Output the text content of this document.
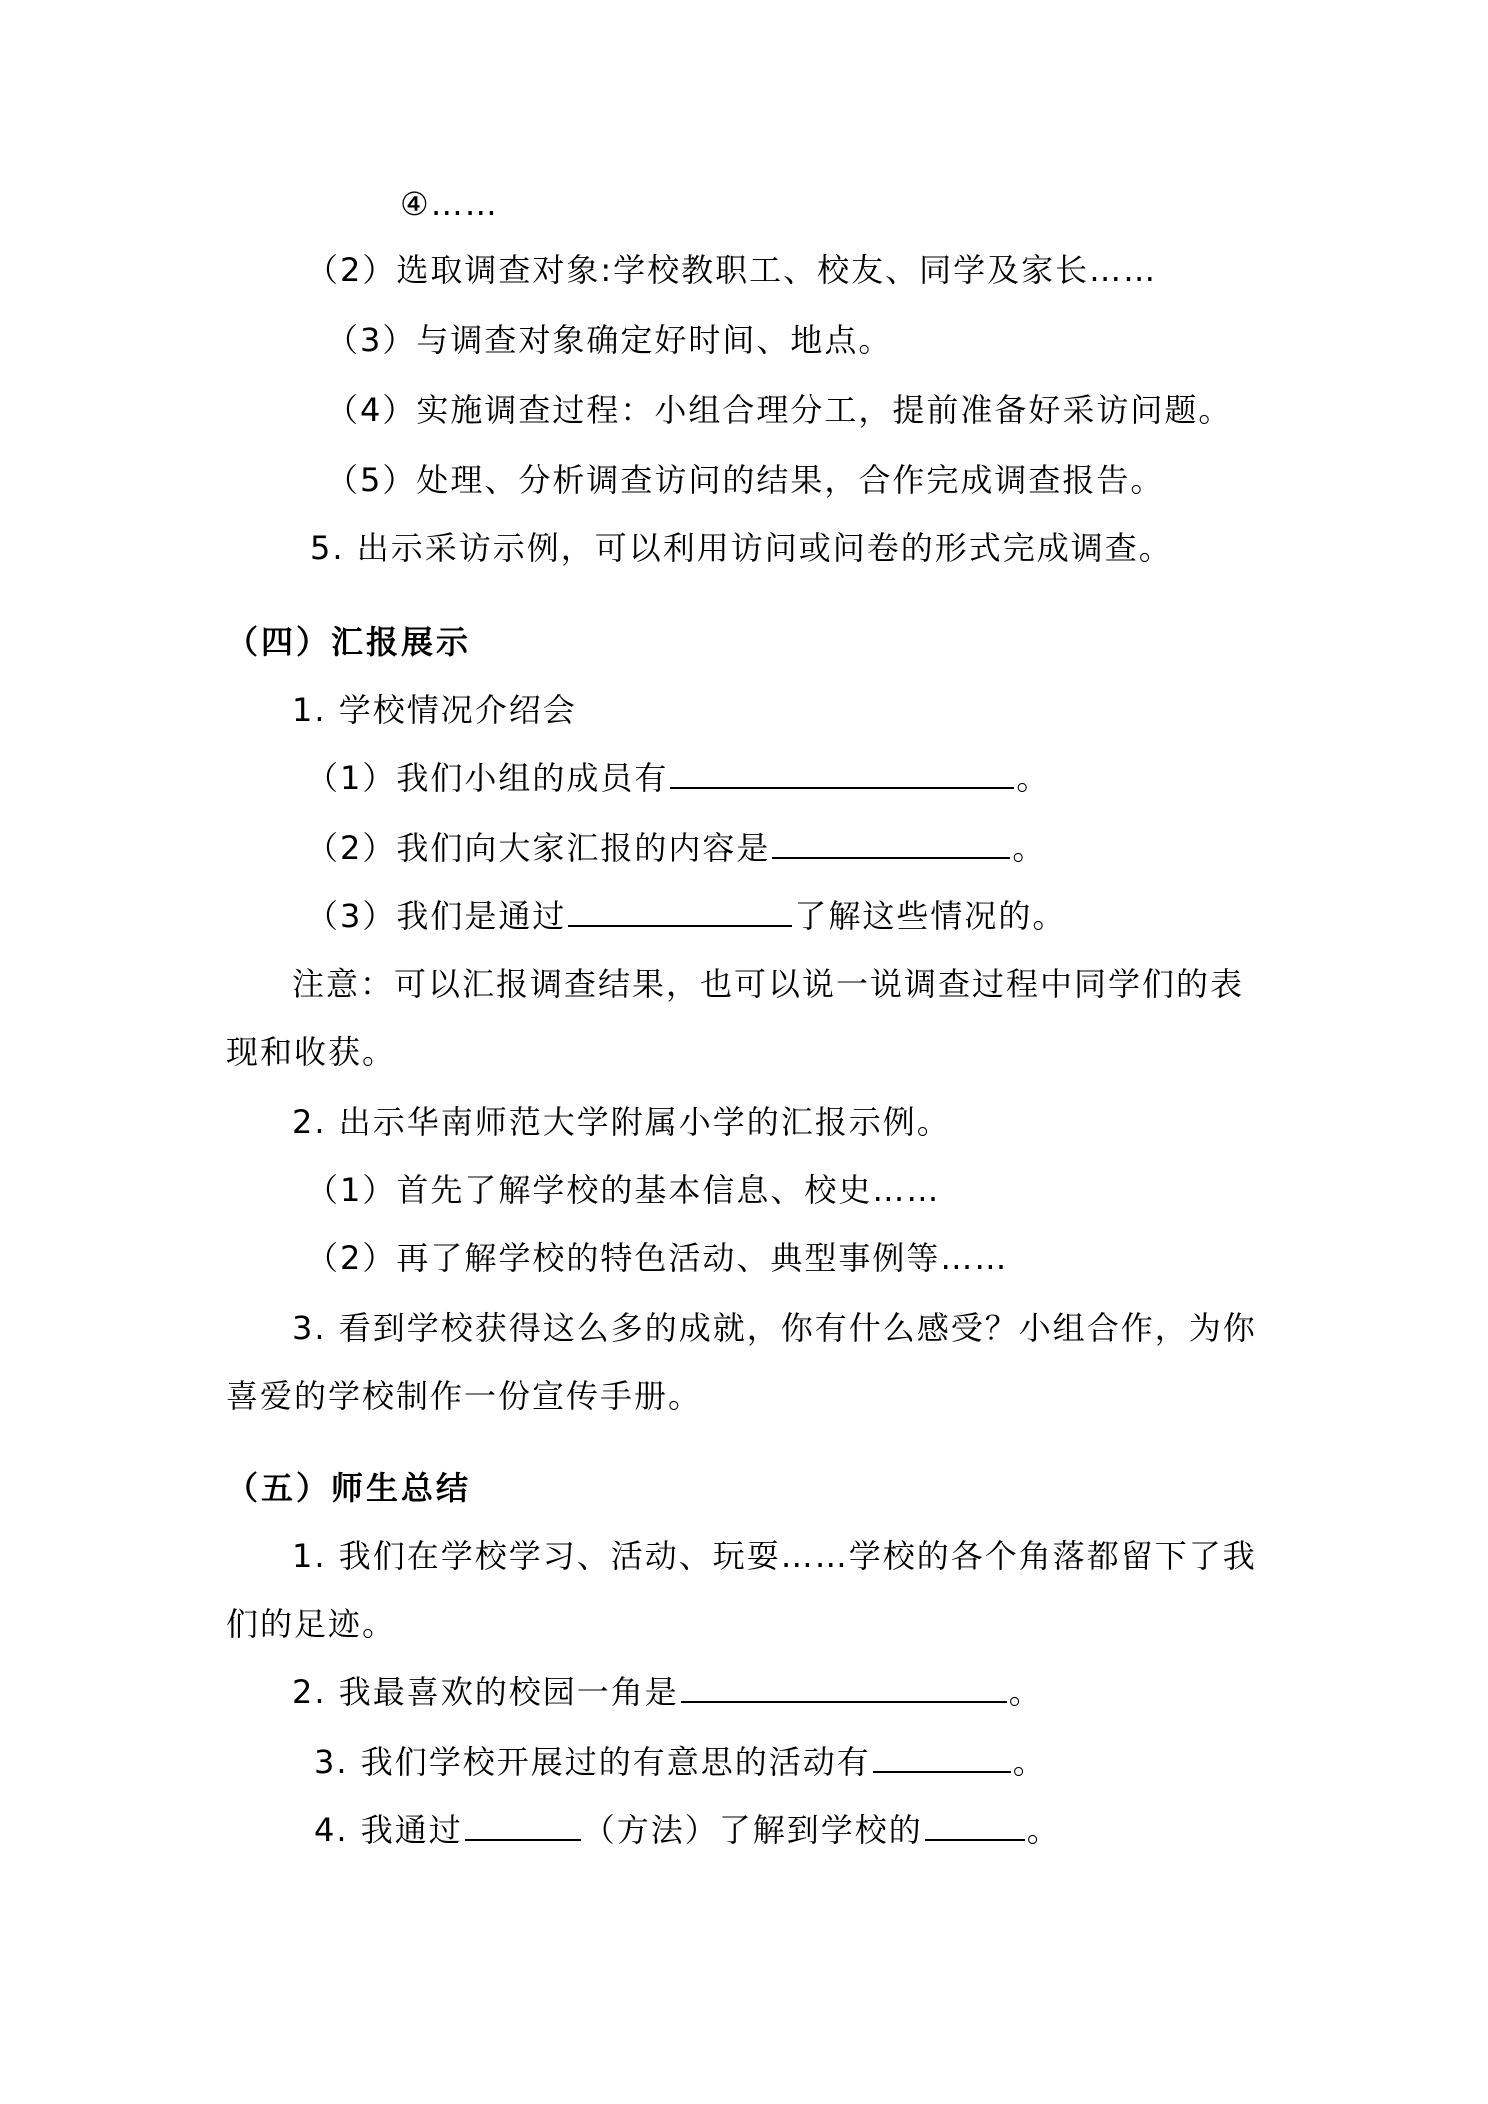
④……
（2）选取调查对象:学校教职工、校友、同学及家长……
（3）与调查对象确定好时间、地点。
（4）实施调查过程：小组合理分工，提前准备好采访问题。
（5）处理、分析调查访问的结果，合作完成调查报告。
5. 出示采访示例，可以利用访问或问卷的形式完成调查。
（四）汇报展示
1. 学校情况介绍会
（1）我们小组的成员有	。
（2）我们向大家汇报的内容是	。
（3）我们是通过	了解这些情况的。
注意：可以汇报调查结果，也可以说一说调查过程中同学们的表
现和收获。
2. 出示华南师范大学附属小学的汇报示例。
（1）首先了解学校的基本信息、校史……
（2）再了解学校的特色活动、典型事例等……
3. 看到学校获得这么多的成就，你有什么感受？小组合作，为你
喜爱的学校制作一份宣传手册。
（五）师生总结
1. 我们在学校学习、活动、玩耍……学校的各个角落都留下了我
们的足迹。
2. 我最喜欢的校园一角是	。
3. 我们学校开展过的有意思的活动有	。
4. 我通过	（方法）了解到学校的	。
